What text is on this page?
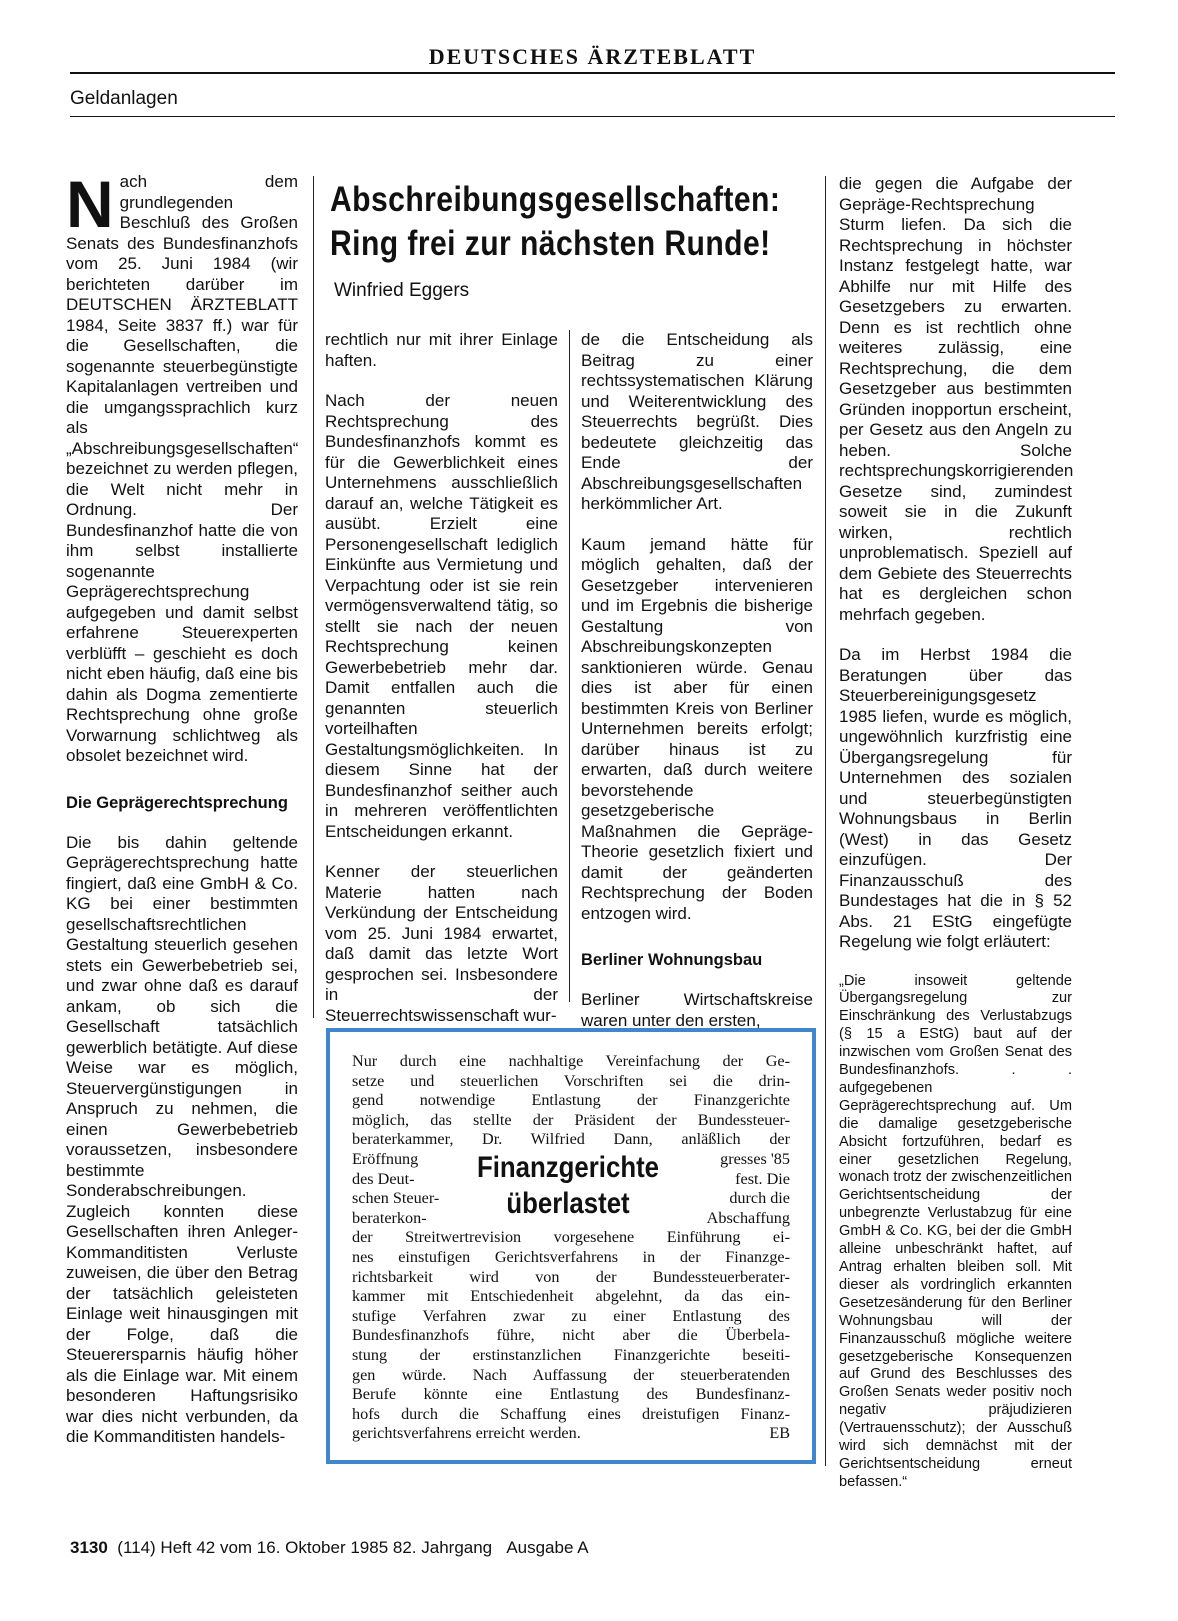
DEUTSCHES ÄRZTEBLATT
Geldanlagen

Nach dem grundlegenden Beschluß des Großen Senats des Bundesfinanzhofs vom 25. Juni 1984 (wir berichteten darüber im DEUTSCHEN ÄRZTEBLATT 1984, Seite 3837 ff.) war für die Gesellschaften, die sogenannte steuerbegünstigte Kapitalanlagen vertreiben und die umgangssprachlich kurz als „Abschreibungsgesellschaften“ bezeichnet zu werden pflegen, die Welt nicht mehr in Ordnung. Der Bundesfinanzhof hatte die von ihm selbst installierte sogenannte Geprägerechtsprechung aufgegeben und damit selbst erfahrene Steuerexperten verblüfft – geschieht es doch nicht eben häufig, daß eine bis dahin als Dogma zementierte Rechtsprechung ohne große Vorwarnung schlichtweg als obsolet bezeichnet wird.

Die Geprägerechtsprechung

Die bis dahin geltende Geprägerechtsprechung hatte fingiert, daß eine GmbH & Co. KG bei einer bestimmten gesellschaftsrechtlichen Gestaltung steuerlich gesehen stets ein Gewerbebetrieb sei, und zwar ohne daß es darauf ankam, ob sich die Gesellschaft tatsächlich gewerblich betätigte. Auf diese Weise war es möglich, Steuervergünstigungen in Anspruch zu nehmen, die einen Gewerbebetrieb voraussetzen, insbesondere bestimmte Sonderabschreibungen. Zugleich konnten diese Gesellschaften ihren Anleger-Kommanditisten Verluste zuweisen, die über den Betrag der tatsächlich geleisteten Einlage weit hinausgingen mit der Folge, daß die Steuerersparnis häufig höher als die Einlage war. Mit einem besonderen Haftungsrisiko war dies nicht verbunden, da die Kommanditisten handels-

Abschreibungsgesellschaften:
Ring frei zur nächsten Runde!
Winfried Eggers

rechtlich nur mit ihrer Einlage haften.

Nach der neuen Rechtsprechung des Bundesfinanzhofs kommt es für die Gewerblichkeit eines Unternehmens ausschließlich darauf an, welche Tätigkeit es ausübt. Erzielt eine Personengesellschaft lediglich Einkünfte aus Vermietung und Verpachtung oder ist sie rein vermögensverwaltend tätig, so stellt sie nach der neuen Rechtsprechung keinen Gewerbebetrieb mehr dar. Damit entfallen auch die genannten steuerlich vorteilhaften Gestaltungsmöglichkeiten. In diesem Sinne hat der Bundesfinanzhof seither auch in mehreren veröffentlichten Entscheidungen erkannt.

Kenner der steuerlichen Materie hatten nach Verkündung der Entscheidung vom 25. Juni 1984 erwartet, daß damit das letzte Wort gesprochen sei. Insbesondere in der Steuerrechtswissenschaft wur-

de die Entscheidung als Beitrag zu einer rechtssystematischen Klärung und Weiterentwicklung des Steuerrechts begrüßt. Dies bedeutete gleichzeitig das Ende der Abschreibungsgesellschaften herkömmlicher Art.

Kaum jemand hätte für möglich gehalten, daß der Gesetzgeber intervenieren und im Ergebnis die bisherige Gestaltung von Abschreibungskonzepten sanktionieren würde. Genau dies ist aber für einen bestimmten Kreis von Berliner Unternehmen bereits erfolgt; darüber hinaus ist zu erwarten, daß durch weitere bevorstehende gesetzgeberische Maßnahmen die Gepräge-Theorie gesetzlich fixiert und damit der geänderten Rechtsprechung der Boden entzogen wird.

Berliner Wohnungsbau

Berliner Wirtschaftskreise waren unter den ersten,

die gegen die Aufgabe der Gepräge-Rechtsprechung Sturm liefen. Da sich die Rechtsprechung in höchster Instanz festgelegt hatte, war Abhilfe nur mit Hilfe des Gesetzgebers zu erwarten. Denn es ist rechtlich ohne weiteres zulässig, eine Rechtsprechung, die dem Gesetzgeber aus bestimmten Gründen inopportun erscheint, per Gesetz aus den Angeln zu heben. Solche rechtsprechungskorrigierenden Gesetze sind, zumindest soweit sie in die Zukunft wirken, rechtlich unproblematisch. Speziell auf dem Gebiete des Steuerrechts hat es dergleichen schon mehrfach gegeben.

Da im Herbst 1984 die Beratungen über das Steuerbereinigungsgesetz 1985 liefen, wurde es möglich, ungewöhnlich kurzfristig eine Übergangsregelung für Unternehmen des sozialen und steuerbegünstigten Wohnungsbaus in Berlin (West) in das Gesetz einzufügen. Der Finanzausschuß des Bundestages hat die in § 52 Abs. 21 EStG eingefügte Regelung wie folgt erläutert:

„Die insoweit geltende Übergangsregelung zur Einschränkung des Verlustabzugs (§ 15 a EStG) baut auf der inzwischen vom Großen Senat des Bundesfinanzhofs. . . aufgegebenen Geprägerechtsprechung auf. Um die damalige gesetzgeberische Absicht fortzuführen, bedarf es einer gesetzlichen Regelung, wonach trotz der zwischenzeitlichen Gerichtsentscheidung der unbegrenzte Verlustabzug für eine GmbH & Co. KG, bei der die GmbH alleine unbeschränkt haftet, auf Antrag erhalten bleiben soll. Mit dieser als vordringlich erkannten Gesetzesänderung für den Berliner Wohnungsbau will der Finanzausschuß mögliche weitere gesetzgeberische Konsequenzen auf Grund des Beschlusses des Großen Senats weder positiv noch negativ präjudizieren (Vertrauensschutz); der Ausschuß wird sich demnächst mit der Gerichtsentscheidung erneut befassen.“

Nur durch eine nachhaltige Vereinfachung der Ge-
setze und steuerlichen Vorschriften sei die drin-
gend notwendige Entlastung der Finanzgerichte
möglich, das stellte der Präsident der Bundessteuer-
beraterkammer, Dr. Wilfried Dann, anläßlich der
Eröffnung
des Deut-
schen Steuer-
beraterkon-
gresses '85
fest. Die
durch die
Abschaffung
der Streitwertrevision vorgesehene Einführung ei-
nes einstufigen Gerichtsverfahrens in der Finanzge-
richtsbarkeit wird von der Bundessteuerberater-
kammer mit Entschiedenheit abgelehnt, da das ein-
stufige Verfahren zwar zu einer Entlastung des
Bundesfinanzhofs führe, nicht aber die Überbela-
stung der erstinstanzlichen Finanzgerichte beseiti-
gen würde. Nach Auffassung der steuerberatenden
Berufe könnte eine Entlastung des Bundesfinanz-
hofs durch die Schaffung eines dreistufigen Finanz-
gerichtsverfahrens erreicht werden.	EB
Finanzgerichte
überlastet
3130 (114) Heft 42 vom 16. Oktober 1985 82. Jahrgang Ausgabe A
